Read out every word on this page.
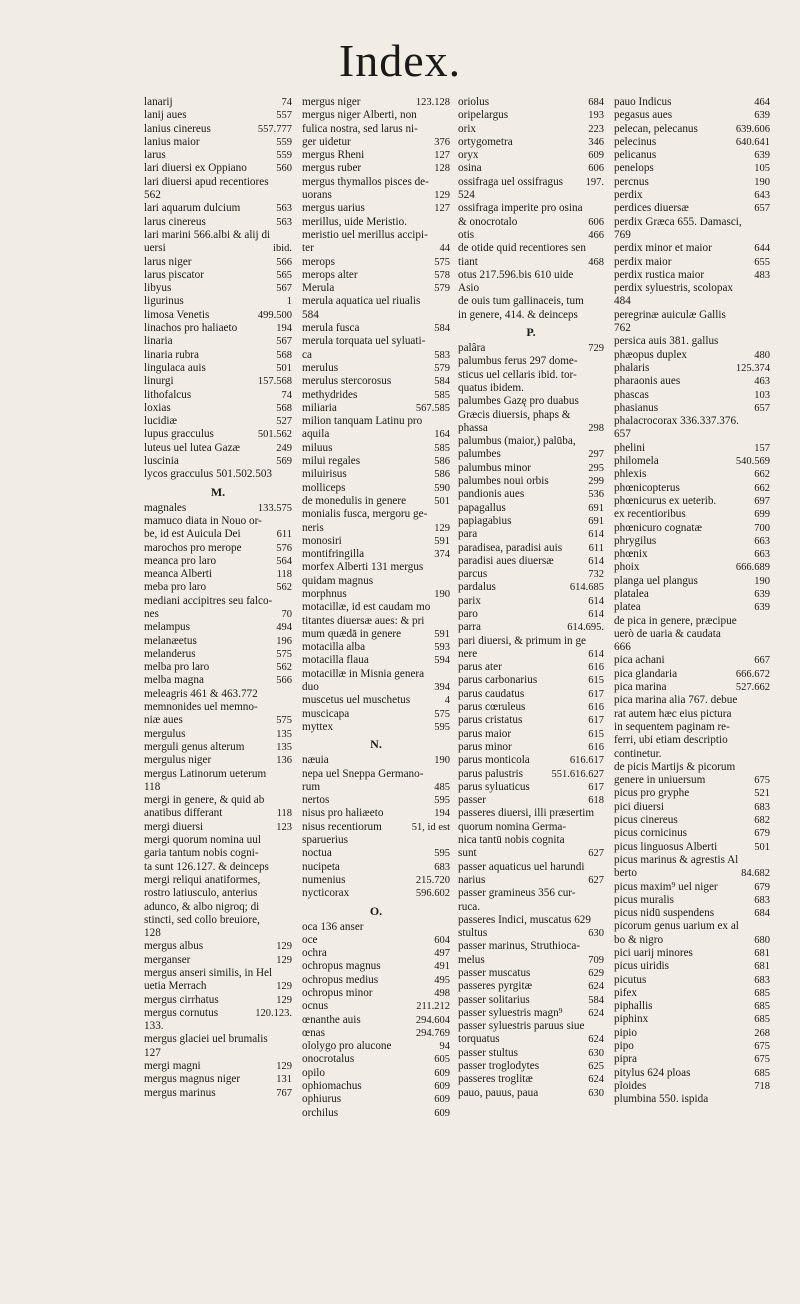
Index.
lanarij	74
lanij aues	557
lanius cinereus	557.777
lanius maior	559
larus	559
lari diuersi ex Oppiano	560
lari diuersi apud recentiores
562
lari aquarum dulcium	563
larus cinereus	563
lari marini 566.albi & alij di
uersi	ibid.
larus niger	566
larus piscator	565
libyus	567
ligurinus	1
limosa Venetis	499.500
linachos pro haliaeto	194
linaria	567
linaria rubra	568
lingulaca auis	501
linurgi	157.568
lithofalcus	74
loxias	568
lucidiæ	527
lupus gracculus	501.562
luteus uel lutea Gazæ	249
luscinia	569
lycos gracculus 501.502.503
M.
magnales	133.575
mamuco diata in Nouo or-
be, id est Auicula Dei	611
marochos pro merope	576
meanca pro laro	564
meanca Alberti	118
meba pro laro	562
mediani accipitres seu falco-
nes	70
melampus	494
melanæetus	196
melanderus	575
melba pro laro	562
melba magna	566
meleagris 461 & 463.772
memnonides uel memno-
niæ aues	575
mergulus	135
merguli genus alterum	135
mergulus niger	136
mergus Latinorum ueterum
118
mergi in genere, & quid ab
anatibus differant	118
mergi diuersi	123
mergi quorum nomina uul
garia tantum nobis cogni-
ta sunt 126.127. & deinceps
mergi reliqui anatiformes,
rostro latiusculo, anterius
adunco, & albo nigroq; di
stincti, sed collo breuiore,
128
mergus albus	129
merganser	129
mergus anseri similis, in Hel
uetia Merrach	129
mergus cirrhatus	129
mergus cornutus	120.123.
133.
mergus glaciei uel brumalis
127
mergi magni	129
mergus magnus niger	131
mergus marinus	767
mergus niger	123.128
mergus niger Alberti, non
fulica nostra, sed larus ni-
ger uidetur	376
mergus Rheni	127
mergus ruber	128
mergus thymallos pisces de-
uorans	129
mergus uarius	127
merillus, uide Meristio.
meristio uel merillus accipi-
ter	44
merops	575
merops alter	578
Merula	579
merula aquatica uel riualis
584
merula fusca	584
merula torquata uel syluati-
ca	583
merulus	579
merulus stercorosus	584
methydrides	585
miliaria	567.585
milion tanquam Latinu pro
aquila	164
miluus	585
milui regales	586
miluirisus	586
molliceps	590
de monedulis in genere	501
monialis fusca, mergoru ge-
neris	129
monosiri	591
montifringilla	374
morfex Alberti 131 mergus
quidam magnus
morphnus	190
motacillæ, id est caudam mo
titantes diuersæ aues: & pri
mum quædā in genere	591
motacilla alba	593
motacilla flaua	594
motacillæ in Misnia genera
duo	394
muscetus uel muschetus	4
muscicapa	575
myttex	595
N.
næuia	190
nepa uel Sneppa Germano-
rum	485
nertos	595
nisus pro haliæeto	194
nisus recentiorum	51, id est
sparuerius
noctua	595
nucipeta	683
numenius	215.720
nycticorax	596.602
O.
oca 136 anser
oce	604
ochra	497
ochropus magnus	491
ochropus medius	495
ochropus minor	498
ocnus	211.212
œnanthe auis	294.604
œnas	294.769
ololygo pro alucone	94
onocrotalus	605
opilo	609
ophiomachus	609
ophiurus	609
orchilus	609
oriolus	684
oripelargus	193
orix	223
ortygometra	346
oryx	609
osina	606
ossifraga uel ossifragus	197.
524
ossifraga imperite pro osina
& onocrotalo	606
otis	466
de otide quid recentiores sen
tiant	468
otus 217.596.bis 610 uide
Asio
de ouis tum gallinaceis, tum
in genere, 414. & deinceps
P.
palâra	729
palumbus ferus 297 dome-
sticus uel cellaris ibid. tor-
quatus ibidem.
palumbes Gazę pro duabus
Græcis diuersis, phaps &
phassa	298
palumbus (maior,) palūba,
palumbes	297
palumbus minor	295
palumbes noui orbis	299
pandionis aues	536
papagallus	691
papiagabius	691
para	614
paradisea, paradisi auis	611
paradisi aues diuersæ	614
parcus	732
pardalus	614.685
parix	614
paro	614
parra	614.695.
pari diuersi, & primum in ge
nere	614
parus ater	616
parus carbonarius	615
parus caudatus	617
parus cœruleus	616
parus cristatus	617
parus maior	615
parus minor	616
parus monticola	616.617
parus palustris	551.616.627
parus syluaticus	617
passer	618
passeres diuersi, illi præsertim
quorum nomina Germa-
nica tantū nobis cognita
sunt	627
passer aquaticus uel harundi
narius	627
passer gramineus 356 cur-
ruca.
passeres Indici, muscatus 629
stultus	630
passer marinus, Struthioca-
melus	709
passer muscatus	629
passeres pyrgitæ	624
passer solitarius	584
passer syluestris magn⁹	624
passer syluestris paruus siue
torquatus	624
passer stultus	630
passer troglodytes	625
passeres troglitæ	624
pauo, pauus, paua	630
pauo Indicus	464
pegasus aues	639
pelecan, pelecanus	639.606
pelecinus	640.641
pelicanus	639
penelops	105
percnus	190
perdix	643
perdices diuersæ	657
perdix Græca 655. Damasci,
769
perdix minor et maior	644
perdix maior	655
perdix rustica maior	483
perdix syluestris, scolopax
484
peregrinæ auiculæ Gallis
762
persica auis 381. gallus
phæopus duplex	480
phalaris	125.374
pharaonis aues	463
phascas	103
phasianus	657
phalacrocorax 336.337.376.
657
phelini	157
philomela	540.569
phlexis	662
phœnicopterus	662
phœnicurus ex ueterib.	697
ex recentioribus	699
phœnicuro cognatæ	700
phrygilus	663
phœnix	663
phoix	666.689
planga uel plangus	190
platalea	639
platea	639
de pica in genere, præcipue
uerò de uaria & caudata
666
pica achani	667
pica glandaria	666.672
pica marina	527.662
pica marina alia 767. debue
rat autem hæc eius pictura
in sequentem paginam re-
ferri, ubi etiam descriptio
continetur.
de picis Martijs & picorum
genere in uniuersum	675
picus pro gryphe	521
pici diuersi	683
picus cinereus	682
picus cornicinus	679
picus linguosus Alberti	501
picus marinus & agrestis Al
berto	84.682
picus maxim⁹ uel niger	679
picus muralis	683
picus nidū suspendens	684
picorum genus uarium ex al
bo & nigro	680
pici uarij minores	681
picus uiridis	681
picutus	683
pifex	685
piphallis	685
piphinx	685
pipio	268
pipo	675
pipra	675
pitylus 624 ploas	685
ploides	718
plumbina 550. ispida
